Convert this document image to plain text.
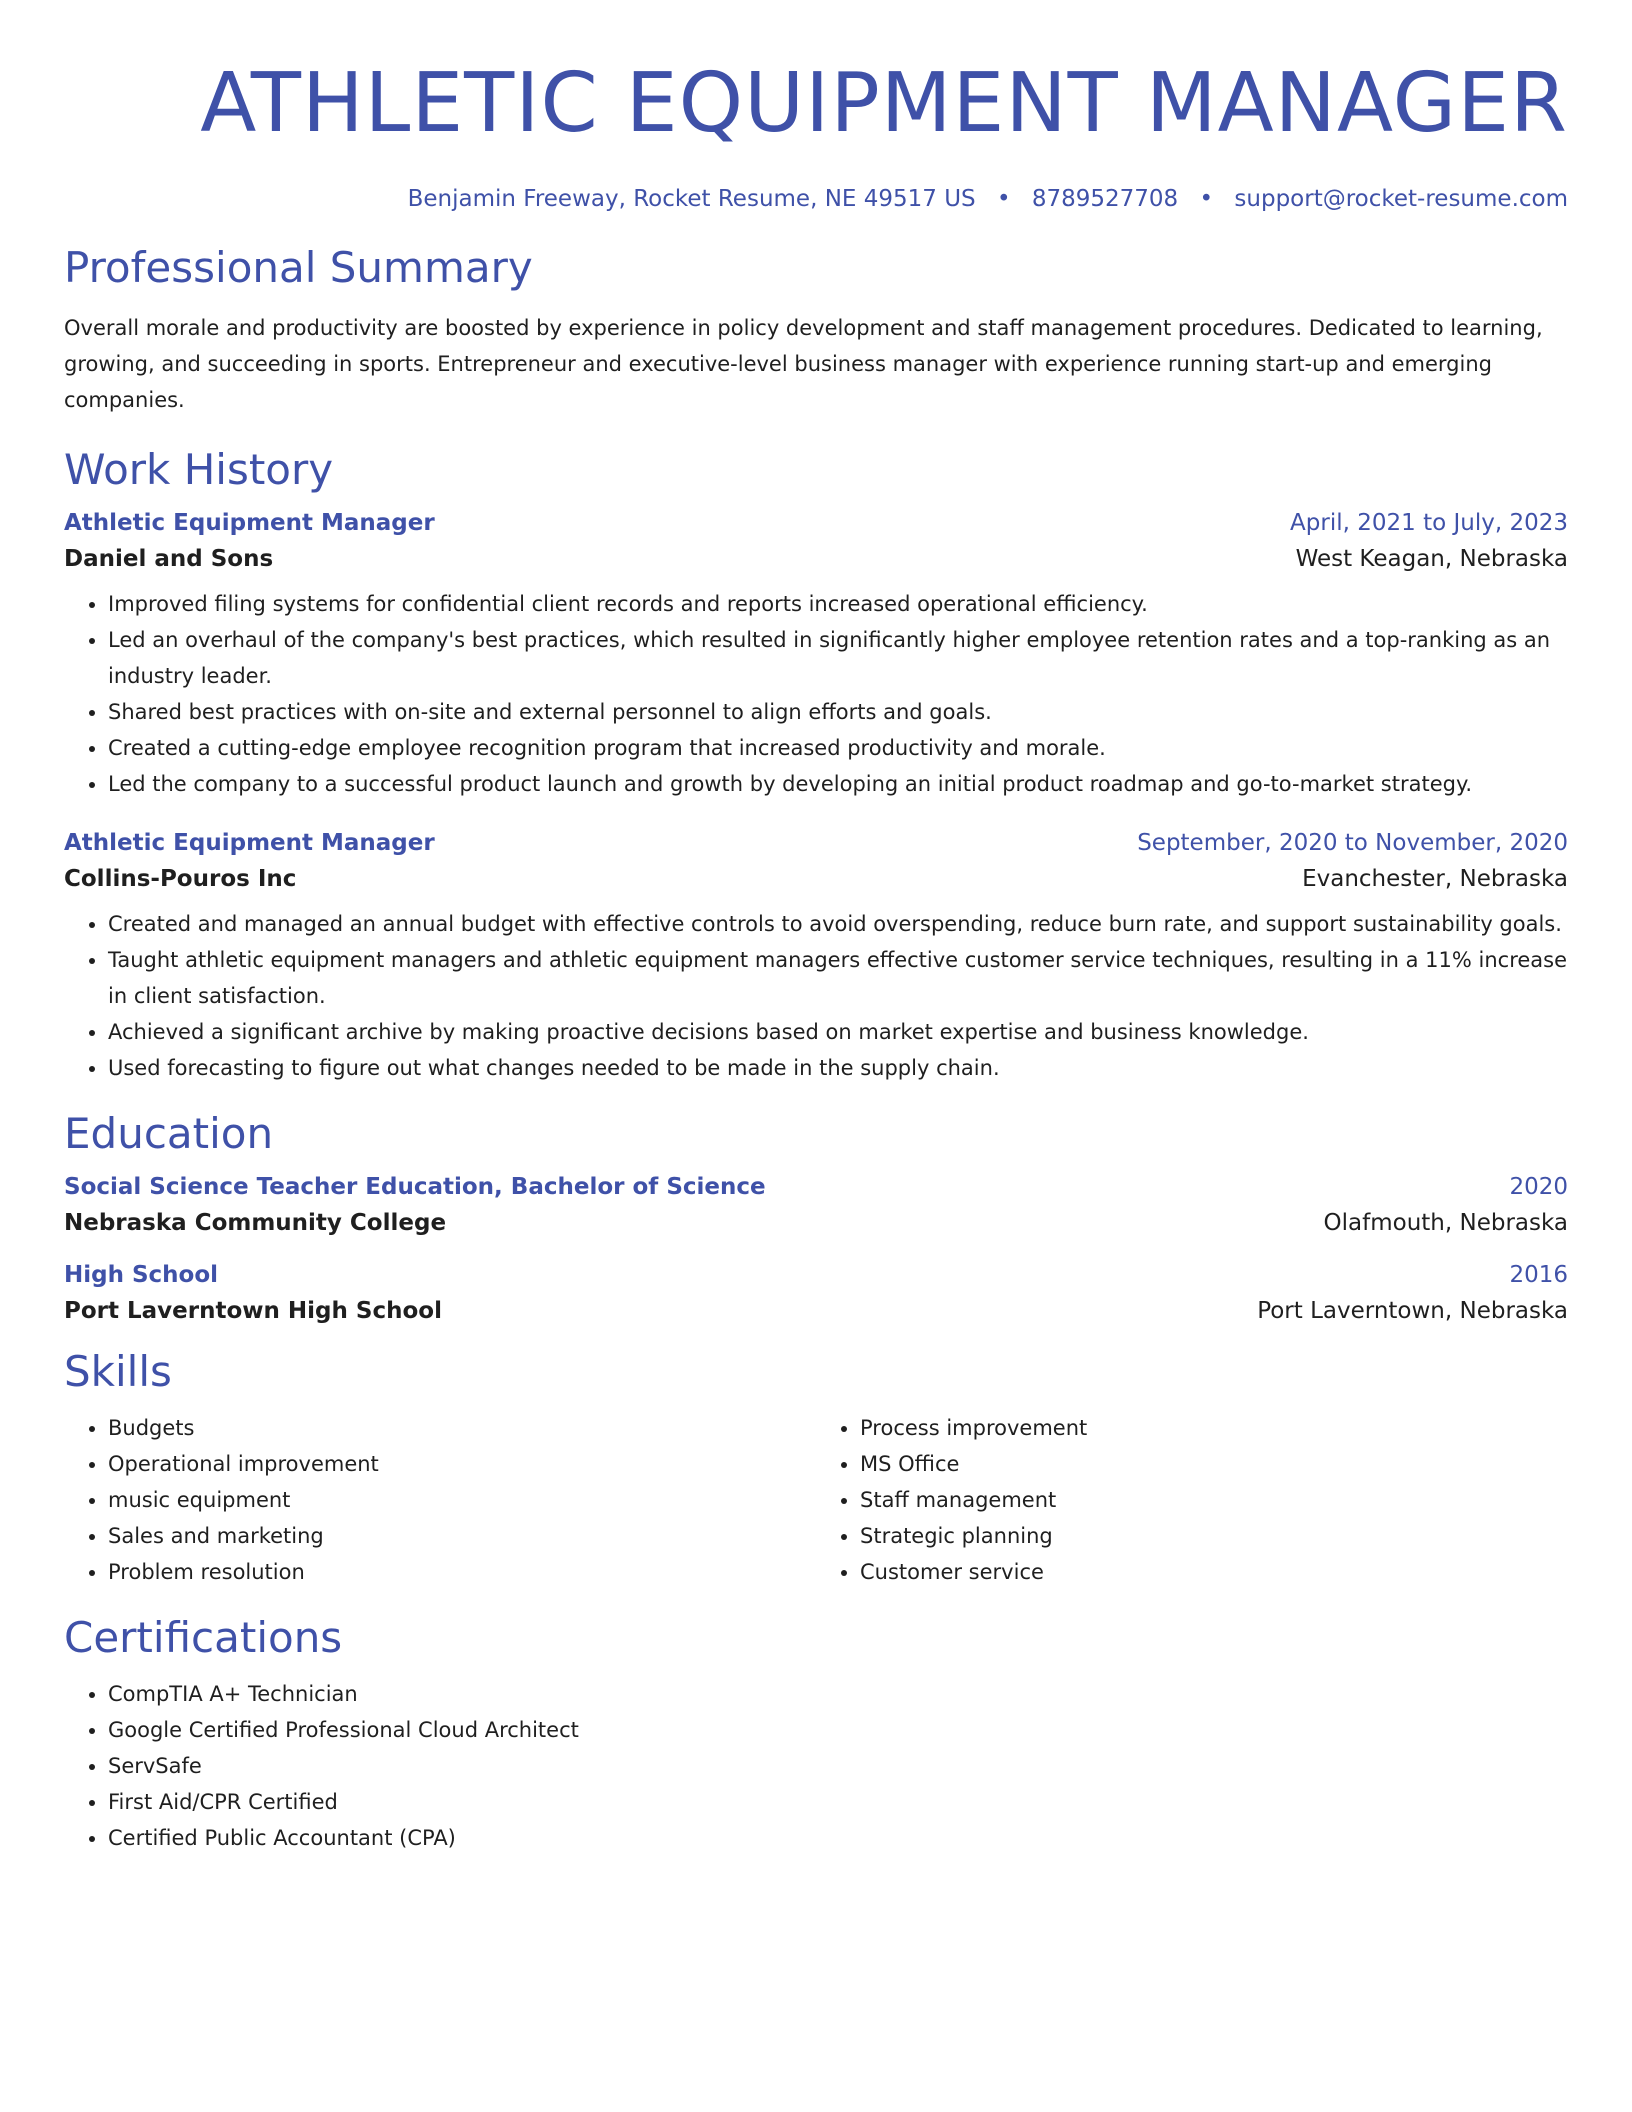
ATHLETIC EQUIPMENT MANAGER
Benjamin Freeway, Rocket Resume, NE 49517 US • 8789527708 • support@rocket-resume.com
Professional Summary

Overall morale and productivity are boosted by experience in policy development and staff management procedures. Dedicated to learning, growing, and succeeding in sports. Entrepreneur and executive-level business manager with experience running start-up and emerging companies.

Work History
Athletic Equipment Manager	April, 2021 to July, 2023
Daniel and Sons	West Keagan, Nebraska
• Improved filing systems for confidential client records and reports increased operational efficiency.
• Led an overhaul of the company's best practices, which resulted in significantly higher employee retention rates and a top-ranking as an industry leader.
• Shared best practices with on-site and external personnel to align efforts and goals.
• Created a cutting-edge employee recognition program that increased productivity and morale.
• Led the company to a successful product launch and growth by developing an initial product roadmap and go-to-market strategy.
Athletic Equipment Manager	September, 2020 to November, 2020
Collins-Pouros Inc	Evanchester, Nebraska
• Created and managed an annual budget with effective controls to avoid overspending, reduce burn rate, and support sustainability goals.
• Taught athletic equipment managers and athletic equipment managers effective customer service techniques, resulting in a 11% increase in client satisfaction.
• Achieved a significant archive by making proactive decisions based on market expertise and business knowledge.
• Used forecasting to figure out what changes needed to be made in the supply chain.
Education
Social Science Teacher Education, Bachelor of Science	2020
Nebraska Community College	Olafmouth, Nebraska
High School	2016
Port Laverntown High School	Port Laverntown, Nebraska
Skills
• Budgets
• Operational improvement
• music equipment
• Sales and marketing
• Problem resolution
• Process improvement
• MS Office
• Staff management
• Strategic planning
• Customer service
Certifications
• CompTIA A+ Technician
• Google Certified Professional Cloud Architect
• ServSafe
• First Aid/CPR Certified
• Certified Public Accountant (CPA)
